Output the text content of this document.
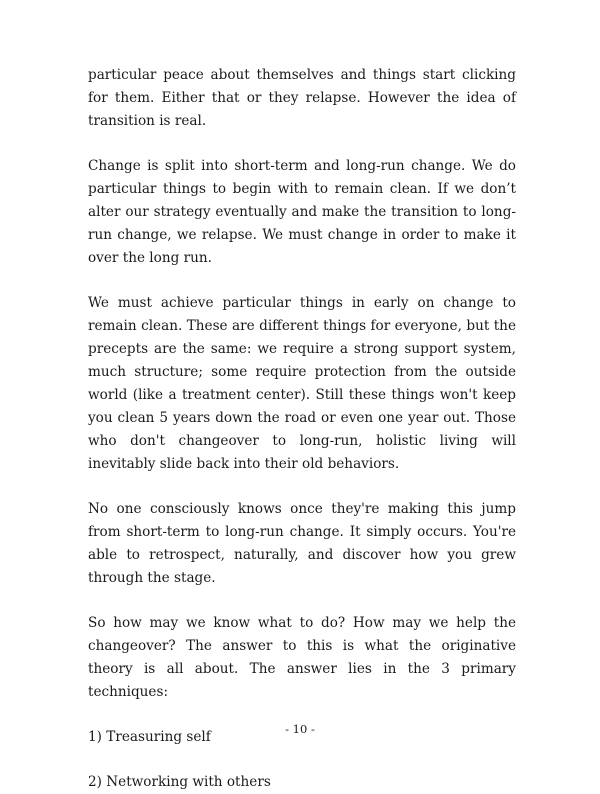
particular peace about themselves and things start clicking for them. Either that or they relapse. However the idea of transition is real.

Change is split into short-term and long-run change. We do particular things to begin with to remain clean. If we don’t alter our strategy eventually and make the transition to long-run change, we relapse. We must change in order to make it over the long run.

We must achieve particular things in early on change to remain clean. These are different things for everyone, but the precepts are the same: we require a strong support system, much structure; some require protection from the outside world (like a treatment center). Still these things won't keep you clean 5 years down the road or even one year out. Those who don't changeover to long-run, holistic living will inevitably slide back into their old behaviors.

No one consciously knows once they're making this jump from short-term to long-run change. It simply occurs. You're able to retrospect, naturally, and discover how you grew through the stage.

So how may we know what to do? How may we help the changeover? The answer to this is what the originative theory is all about. The answer lies in the 3 primary techniques:

1) Treasuring self

2) Networking with others

- 10 -
